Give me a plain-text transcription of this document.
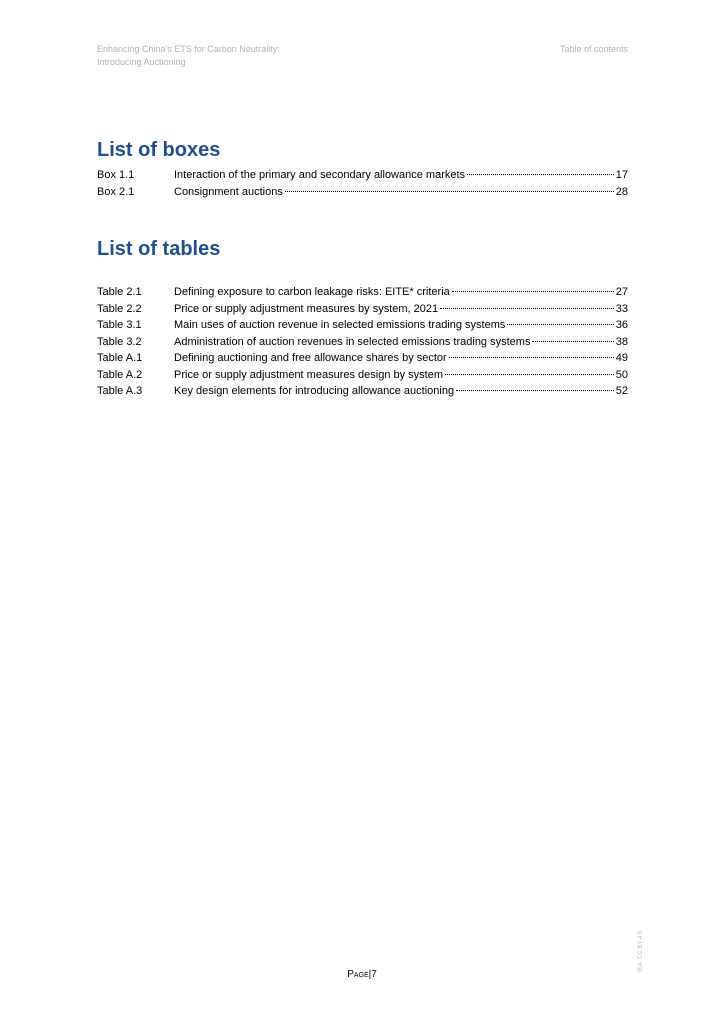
Enhancing China's ETS for Carbon Neutrality:
Introducing Auctioning
Table of contents
List of boxes
Box 1.1	Interaction of the primary and secondary allowance markets	17
Box 2.1	Consignment auctions	28
List of tables
Table 2.1	Defining exposure to carbon leakage risks: EITE* criteria	27
Table 2.2	Price or supply adjustment measures by system, 2021	33
Table 3.1	Main uses of auction revenue in selected emissions trading systems	36
Table 3.2	Administration of auction revenues in selected emissions trading systems	38
Table A.1	Defining auctioning and free allowance shares by sector	49
Table A.2	Price or supply adjustment measures design by system	50
Table A.3	Key design elements for introducing allowance auctioning	52
Page|7
IEA. CC BY 4.0.
